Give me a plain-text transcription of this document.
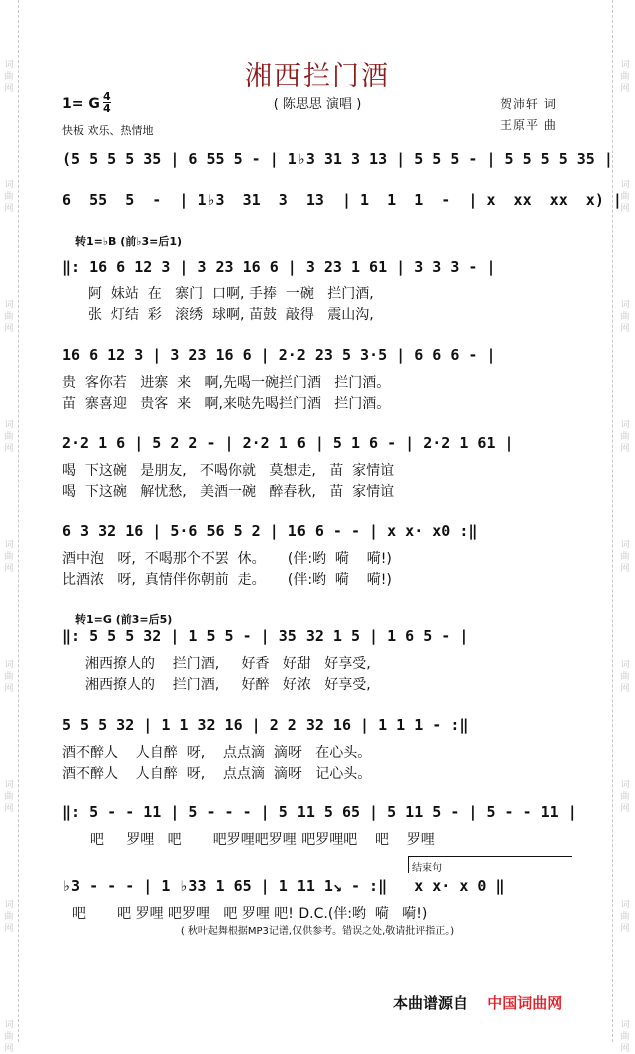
词
曲
网
词
曲
网
词
曲
网
词
曲
网
词
曲
网
词
曲
网
词
曲
网
词
曲
网
词
曲
网
词
曲
网
词
曲
网
词
曲
网
词
曲
网
词
曲
网
词
曲
网
词
曲
网
词
曲
网
词
曲
网
湘西拦门酒
( 陈思思 演唱 )
1= G 4
4
快板 欢乐、热情地
贺沛轩 词
王原平 曲
(5 5 5 5 35 | 6 55 5 - | 1♭3 31 3 13 | 5 5 5 - | 5 5 5 5 35 |
6  55  5  -  | 1♭3  31  3  13  | 1  1  1  -  | x  xx  xx  x) |
转1=♭B (前♭3=后1)
‖: 16 6 12 3 | 3 23 16 6 | 3 23 1 61 | 3 3 3 - |
阿  妹站  在   寨门  口啊, 手捧  一碗   拦门酒,
张  灯结  彩   滚绣  球啊, 苗鼓  敲得   震山沟,
16 6 12 3 | 3 23 16 6 | 2·2 23 5 3·5 | 6 6 6 - |
贵  客你若   进寨  来   啊,先喝一碗拦门酒   拦门酒。
苗  寨喜迎   贵客  来   啊,来哒先喝拦门酒   拦门酒。
2·2 1 6 | 5 2 2 - | 2·2 1 6 | 5 1 6 - | 2·2 1 61 |
喝  下这碗   是朋友,   不喝你就   莫想走,   苗  家情谊
喝  下这碗   解忧愁,   美酒一碗   醉春秋,   苗  家情谊
6 3 32 16 | 5·6 56 5 2 | 16 6 - - | x x· x0 :‖
酒中泡   呀,  不喝那个不罢  休。     (伴:哟  嗬    嗬!)
比酒浓   呀,  真情伴你朝前  走。     (伴:哟  嗬    嗬!)
转1=G (前3=后5)
‖: 5 5 5 32 | 1 5 5 - | 35 32 1 5 | 1 6 5 - |
湘西撩人的    拦门酒,     好香   好甜   好享受,
湘西撩人的    拦门酒,     好醉   好浓   好享受,
5 5 5 32 | 1 1 32 16 | 2 2 32 16 | 1 1 1 - :‖
酒不醉人    人自醉  呀,    点点滴  滴呀   在心头。
酒不醉人    人自醉  呀,    点点滴  滴呀   记心头。
‖: 5 - - 11 | 5 - - - | 5 11 5 65 | 5 11 5 - | 5 - - 11 |
吧     罗哩   吧       吧罗哩吧罗哩 吧罗哩吧    吧    罗哩
结束句
♭3 - - - | 1 ♭33 1 65 | 1 11 1↘ - :‖   x x· x 0 ‖
吧       吧 罗哩 吧罗哩   吧 罗哩 吧! D.C.(伴:哟  嗬   嗬!)
( 秋叶起舞根据MP3记谱,仅供参考。错误之处,敬请批评指正。)
本曲谱源自 中国词曲网
